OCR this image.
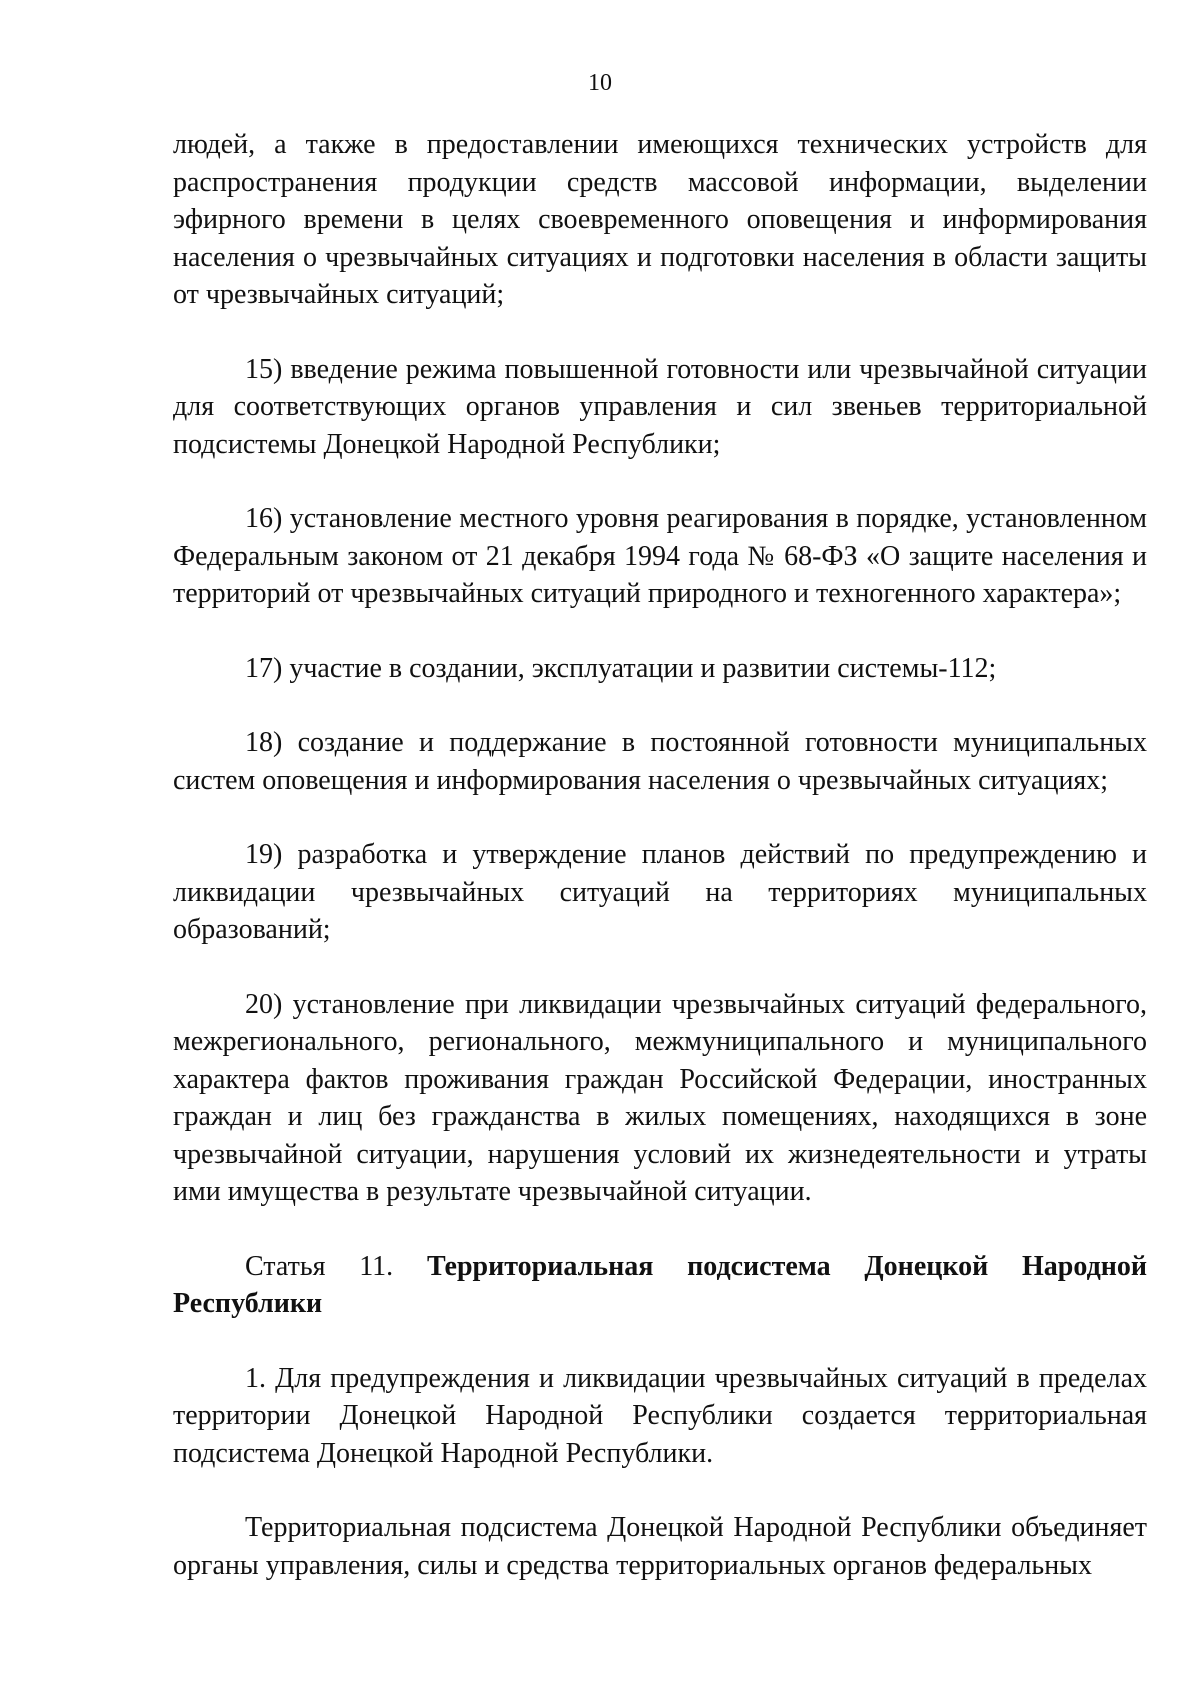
10

людей, а также в предоставлении имеющихся технических устройств для распространения продукции средств массовой информации, выделении эфирного времени в целях своевременного оповещения и информирования населения о чрезвычайных ситуациях и подготовки населения в области защиты от чрезвычайных ситуаций;

15) введение режима повышенной готовности или чрезвычайной ситуации для соответствующих органов управления и сил звеньев территориальной подсистемы Донецкой Народной Республики;

16) установление местного уровня реагирования в порядке, установленном Федеральным законом от 21 декабря 1994 года № 68-ФЗ «О защите населения и территорий от чрезвычайных ситуаций природного и техногенного характера»;

17) участие в создании, эксплуатации и развитии системы-112;

18) создание и поддержание в постоянной готовности муниципальных систем оповещения и информирования населения о чрезвычайных ситуациях;

19) разработка и утверждение планов действий по предупреждению и ликвидации чрезвычайных ситуаций на территориях муниципальных образований;

20) установление при ликвидации чрезвычайных ситуаций федерального, межрегионального, регионального, межмуниципального и муниципального характера фактов проживания граждан Российской Федерации, иностранных граждан и лиц без гражданства в жилых помещениях, находящихся в зоне чрезвычайной ситуации, нарушения условий их жизнедеятельности и утраты ими имущества в результате чрезвычайной ситуации.

Статья 11. Территориальная подсистема Донецкой Народной Республики

1. Для предупреждения и ликвидации чрезвычайных ситуаций в пределах территории Донецкой Народной Республики создается территориальная подсистема Донецкой Народной Республики.

Территориальная подсистема Донецкой Народной Республики объединяет органы управления, силы и средства территориальных органов федеральных
